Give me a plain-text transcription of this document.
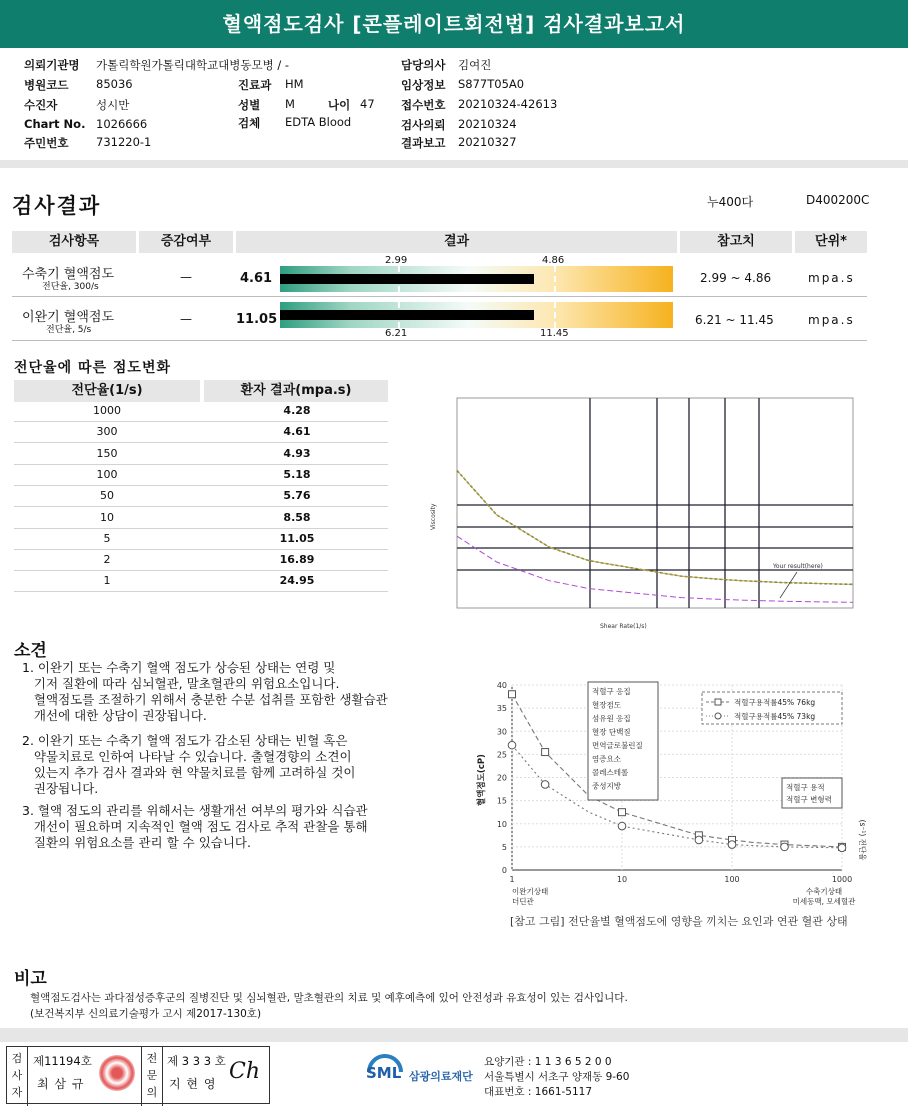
혈액점도검사 [콘플레이트회전법] 검사결과보고서
의뢰기관명 가톨릭학원가톨릭대학교대병동모병 / -
병원코드 85036
수진자	성시만
Chart No. 1026666
주민번호 731220-1
진료과 HM
성별 M	나이 47
검체 EDTA Blood
담당의사 김여진
임상정보 S877T05A0
접수번호 20210324-42613
검사의뢰 20210324
결과보고 20210327
검사결과	누400다	D400200C
검사항목	증감여부	결과	참고치	단위*
수축기 혈액점도
전단율, 300/s
—	4.61
2.99	4.86
2.99 ~ 4.86	mpa.s
이완기 혈액점도
전단율, 5/s
—	11.05
6.21	11.45
6.21 ~ 11.45	mpa.s
전단율에 따른 점도변화
전단율(1/s)	환자 결과(mpa.s)
1000	4.28
300	4.61
150	4.93
100	5.18
50	5.76
10	8.58
5	11.05
2	16.89
1	24.95
Your result(here)
Shear Rate(1/s)
Viscosity
소견
1. 이완기 또는 수축기 혈액 점도가 상승된 상태는 연령 및
기저 질환에 따라 심뇌혈관, 말초혈관의 위험요소입니다.
혈액점도를 조절하기 위해서 충분한 수분 섭취를 포함한 생활습관
개선에 대한 상담이 권장됩니다.
2. 이완기 또는 수축기 혈액 점도가 감소된 상태는 빈혈 혹은
약물치료로 인하여 나타날 수 있습니다. 출혈경향의 소견이
있는지 추가 검사 결과와 현 약물치료를 함께 고려하실 것이
권장됩니다.
3. 혈액 점도의 관리를 위해서는 생활개선 여부의 평가와 식습관
개선이 필요하며 지속적인 혈액 점도 검사로 추적 관찰을 통해
질환의 위험요소를 관리 할 수 있습니다.
40
35
30
25
20
15
10
5
0
1	10	100	1000
적혈구 응집
혈장점도
섬유원 응집
혈장 단백질
면역글로불린질
염증요소
콜레스테롤
중성지방
적혈구용적률45% 76kg
적혈구용적률45% 73kg
적혈구 용적
적혈구 변형력
혈액점도(cP)
이완기상태
더딘관
수축기상태
미세동맥, 모세혈관
(s⁻¹) 전단율
[참고 그림] 전단율별 혈액점도에 영향을 끼치는 요인과 연관 혈관 상태
비고
혈액점도검사는 과다점성증후군의 질병진단 및 심뇌혈관, 말초혈관의 치료 및 예후예측에 있어 안전성과 유효성이 있는 검사입니다.
(보건복지부 신의료기술평가 고시 제2017-130호)
검
사
자
제11194호
최 삼 규
전
문
의
제 3 3 3 호
지 현 영 Ch	SML 삼광의료재단
요양기관 : 1 1 3 6 5 2 0 0
서울특별시 서초구 양재동 9-60
대표번호 : 1661-5117
